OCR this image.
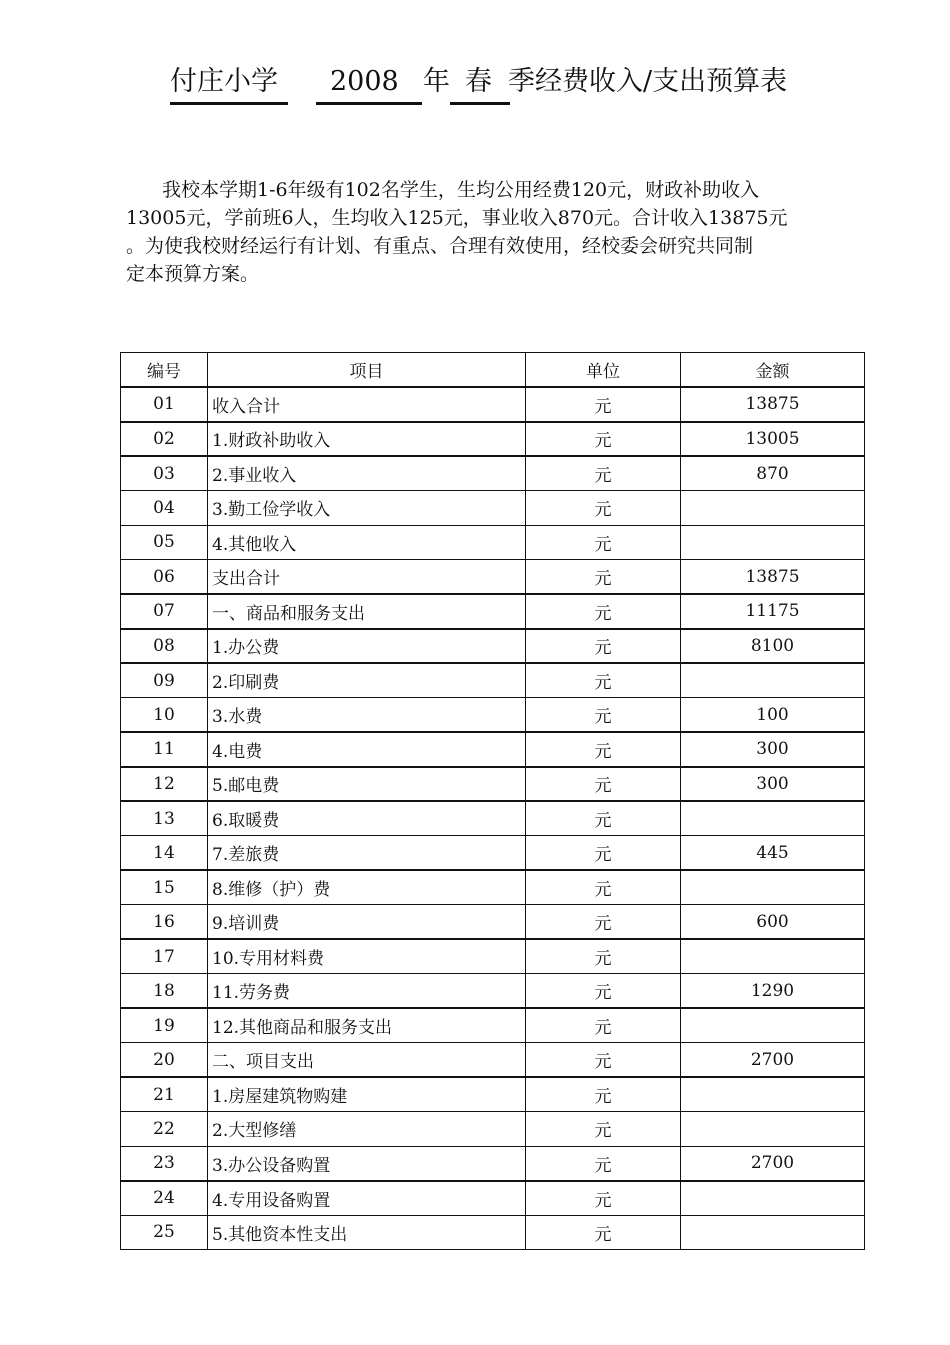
付庄小学 2008 年 春 季经费收入/支出预算表
我校本学期1-6年级有102名学生，生均公用经费120元，财政补助收入
13005元，学前班6人，生均收入125元，事业收入870元。合计收入13875元
。为使我校财经运行有计划、有重点、合理有效使用，经校委会研究共同制
定本预算方案。
编号	项目	单位	金额
01	收入合计	元	13875
02	1.财政补助收入	元	13005
03	2.事业收入	元	870
04	3.勤工俭学收入	元	
05	4.其他收入	元	
06	支出合计	元	13875
07	一、商品和服务支出	元	11175
08	1.办公费	元	8100
09	2.印刷费	元	
10	3.水费	元	100
11	4.电费	元	300
12	5.邮电费	元	300
13	6.取暖费	元	
14	7.差旅费	元	445
15	8.维修（护）费	元	
16	9.培训费	元	600
17	10.专用材料费	元	
18	11.劳务费	元	1290
19	12.其他商品和服务支出	元	
20	二、项目支出	元	2700
21	1.房屋建筑物购建	元	
22	2.大型修缮	元	
23	3.办公设备购置	元	2700
24	4.专用设备购置	元	
25	5.其他资本性支出	元	
